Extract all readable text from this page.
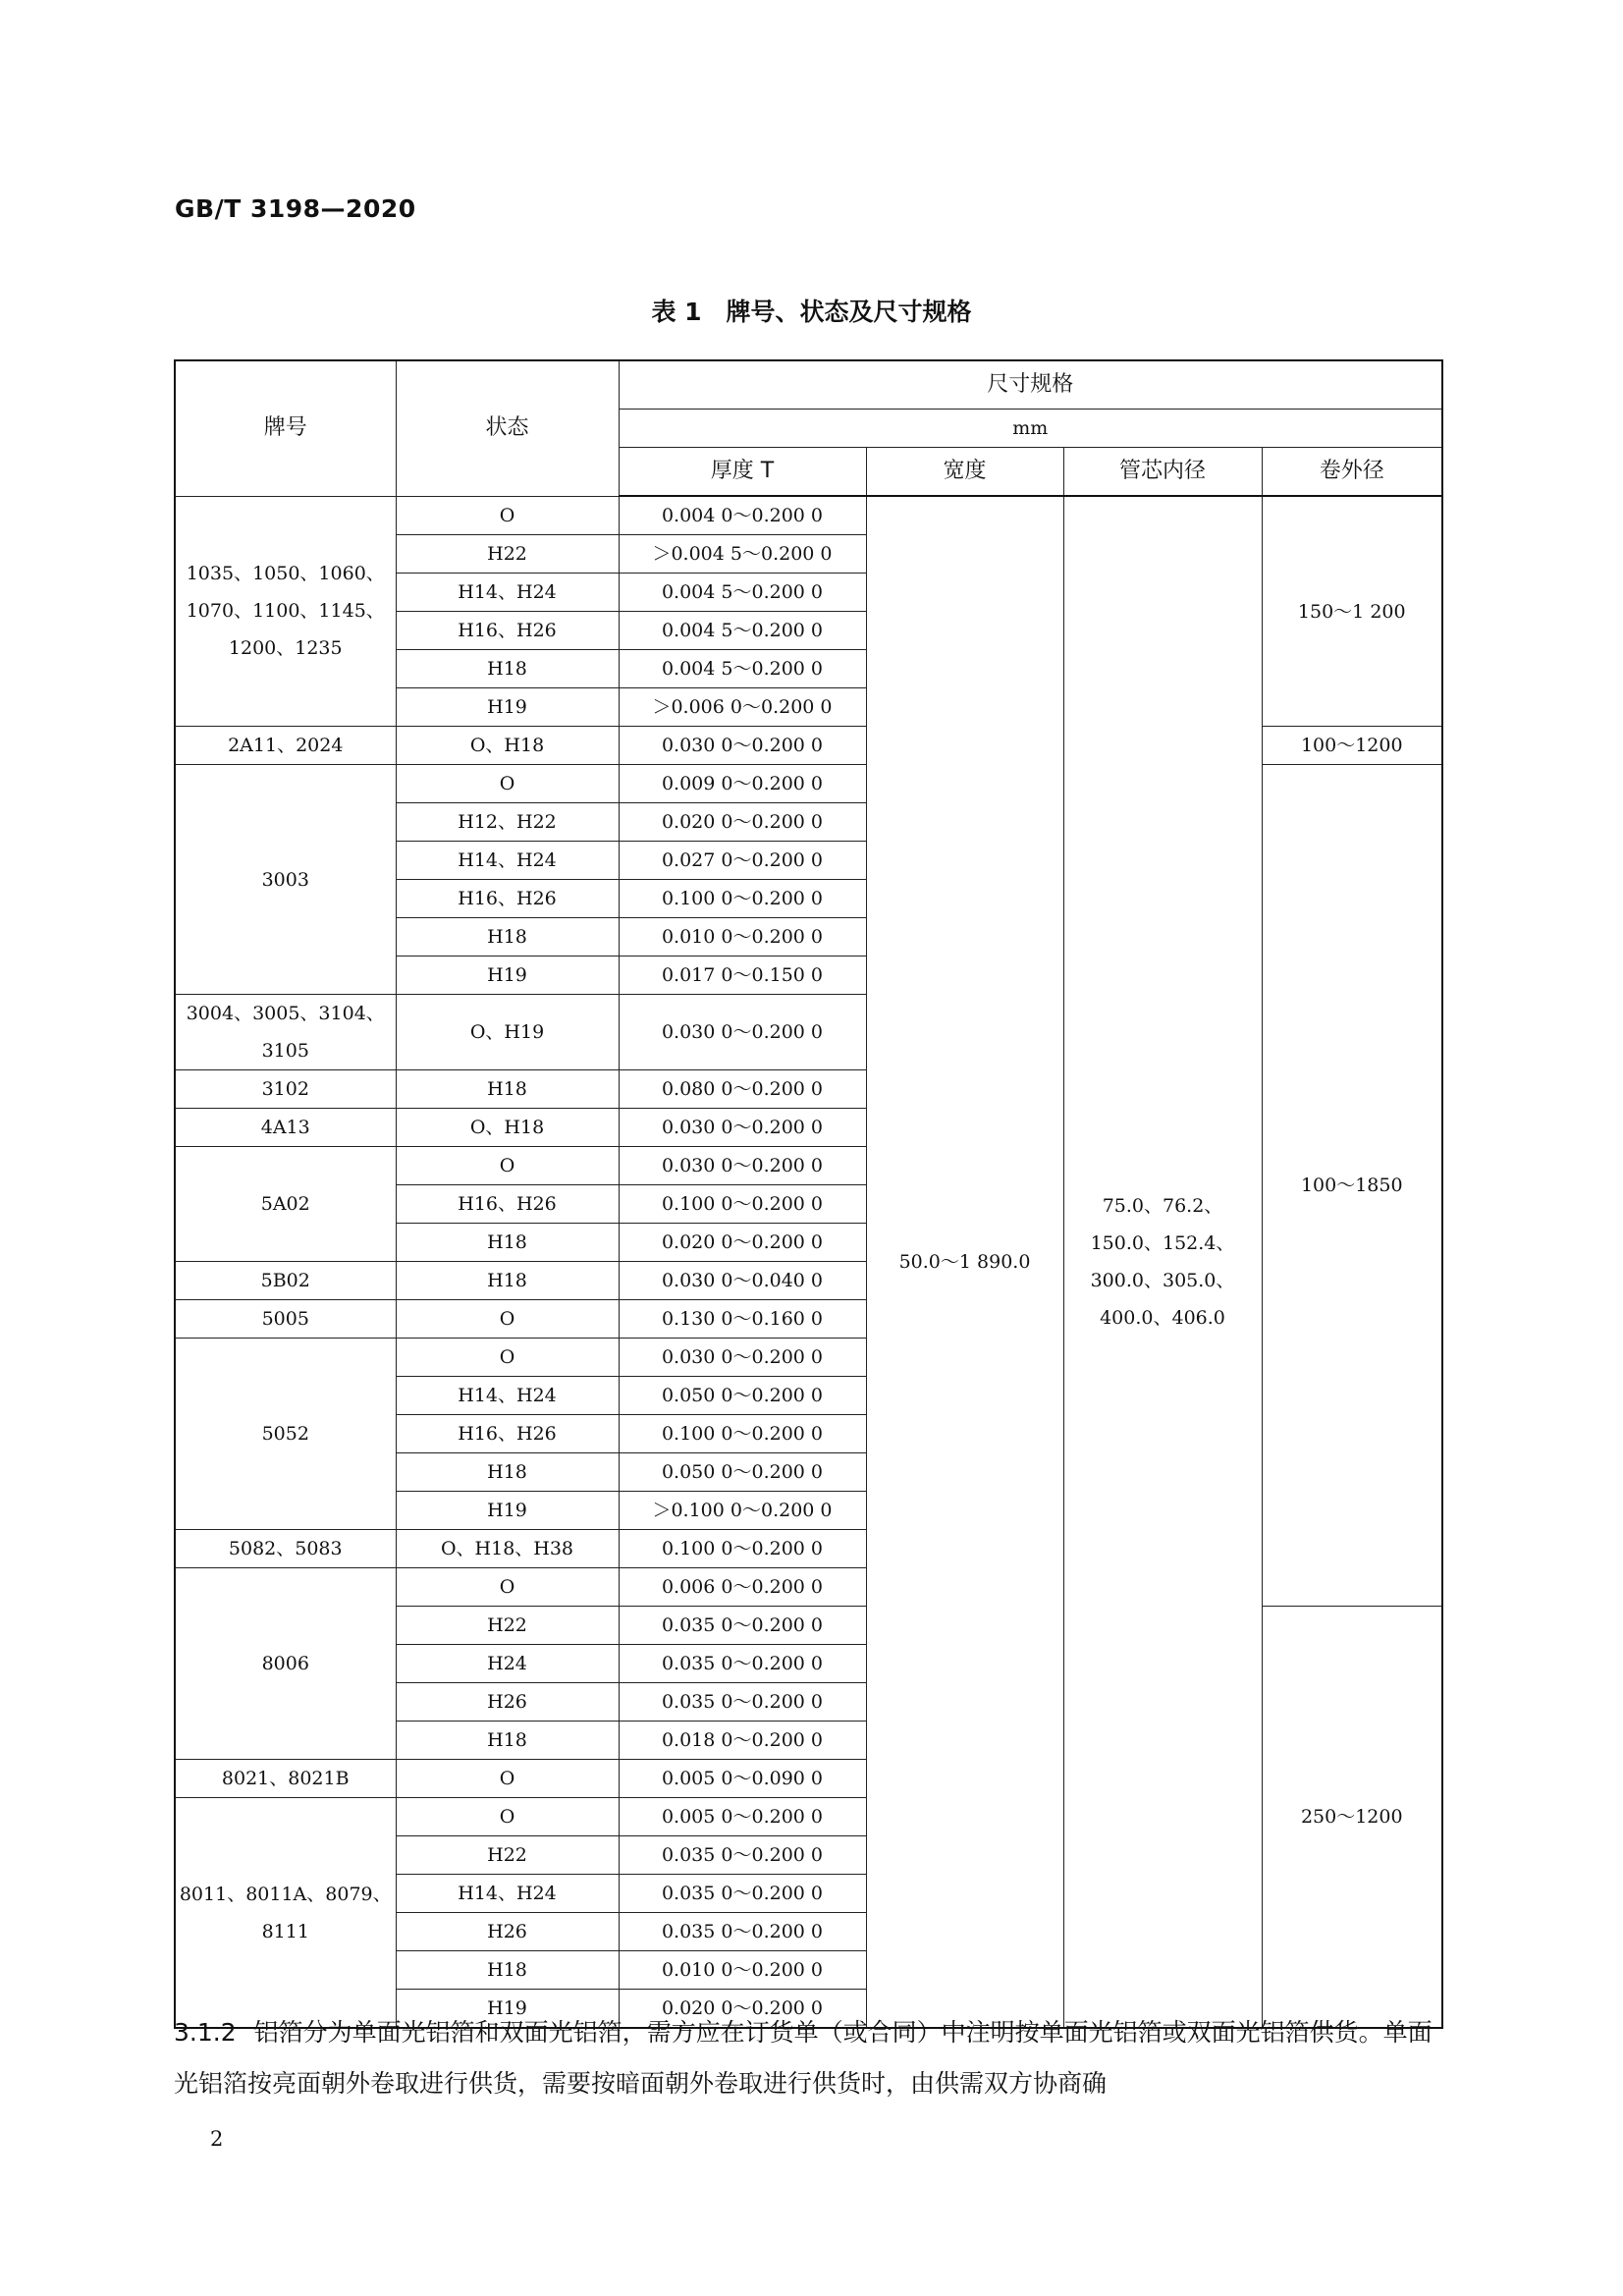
GB/T 3198—2020
表 1　牌号、状态及尺寸规格
牌号	状态	尺寸规格			
		mm			
		厚度 T	宽度	管芯内径	卷外径
1035、1050、1060、1070、1100、1145、1200、1235	O	0.004 0～0.200 0	50.0～1 890.0	75.0、76.2、150.0、152.4、300.0、305.0、400.0、406.0	150～1 200
	H22	＞0.004 5～0.200 0			
	H14、H24	0.004 5～0.200 0			
	H16、H26	0.004 5～0.200 0			
	H18	0.004 5～0.200 0			
	H19	＞0.006 0～0.200 0			
2A11、2024	O、H18	0.030 0～0.200 0			100～1200
3003	O	0.009 0～0.200 0			100～1850
	H12、H22	0.020 0～0.200 0			
	H14、H24	0.027 0～0.200 0			
	H16、H26	0.100 0～0.200 0			
	H18	0.010 0～0.200 0			
	H19	0.017 0～0.150 0			
3004、3005、3104、3105	O、H19	0.030 0～0.200 0			
3102	H18	0.080 0～0.200 0			
4A13	O、H18	0.030 0～0.200 0			
5A02	O	0.030 0～0.200 0			
	H16、H26	0.100 0～0.200 0			
	H18	0.020 0～0.200 0			
5B02	H18	0.030 0～0.040 0			
5005	O	0.130 0～0.160 0			
5052	O	0.030 0～0.200 0			
	H14、H24	0.050 0～0.200 0			
	H16、H26	0.100 0～0.200 0			
	H18	0.050 0～0.200 0			
	H19	＞0.100 0～0.200 0			
5082、5083	O、H18、H38	0.100 0～0.200 0			
8006	O	0.006 0～0.200 0			
	H22	0.035 0～0.200 0			250～1200
	H24	0.035 0～0.200 0			
	H26	0.035 0～0.200 0			
	H18	0.018 0～0.200 0			
8021、8021B	O	0.005 0～0.090 0			
8011、8011A、8079、8111	O	0.005 0～0.200 0			
	H22	0.035 0～0.200 0			
	H14、H24	0.035 0～0.200 0			
	H26	0.035 0～0.200 0			
	H18	0.010 0～0.200 0			
	H19	0.020 0～0.200 0			
3.1.2 铝箔分为单面光铝箔和双面光铝箔，需方应在订货单（或合同）中注明按单面光铝箔或双面光铝箔供货。单面光铝箔按亮面朝外卷取进行供货，需要按暗面朝外卷取进行供货时，由供需双方协商确
2
